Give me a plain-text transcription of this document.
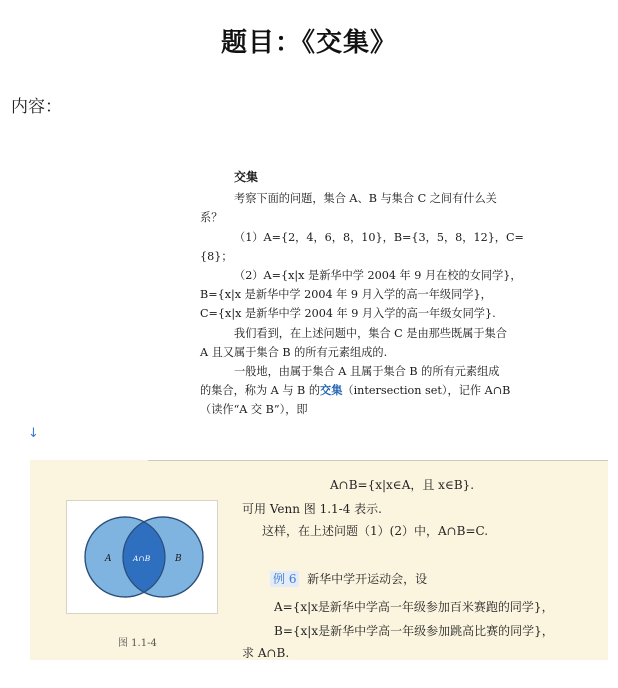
题目：《交集》
内容：

交集

考察下面的问题，集合 A、B 与集合 C 之间有什么关

系？

（1）A={2，4，6，8，10}，B={3，5，8，12}，C=

{8}；

（2）A={x|x 是新华中学 2004 年 9 月在校的女同学}，

B={x|x 是新华中学 2004 年 9 月入学的高一年级同学}，

C={x|x 是新华中学 2004 年 9 月入学的高一年级女同学}.

我们看到，在上述问题中，集合 C 是由那些既属于集合

A 且又属于集合 B 的所有元素组成的.

一般地，由属于集合 A 且属于集合 B 的所有元素组成

的集合，称为 A 与 B 的交集（intersection set），记作 A∩B

（读作“A 交 B”），即

↓
A∩B={x|x∈A，且 x∈B}.
可用 Venn 图 1.1-4 表示.
这样，在上述问题（1）(2）中，A∩B=C.
例 6 新华中学开运动会，设
A={x|x是新华中学高一年级参加百米赛跑的同学}，
B={x|x是新华中学高一年级参加跳高比赛的同学}，
求 A∩B.
A	A∩B	B
图 1.1-4
